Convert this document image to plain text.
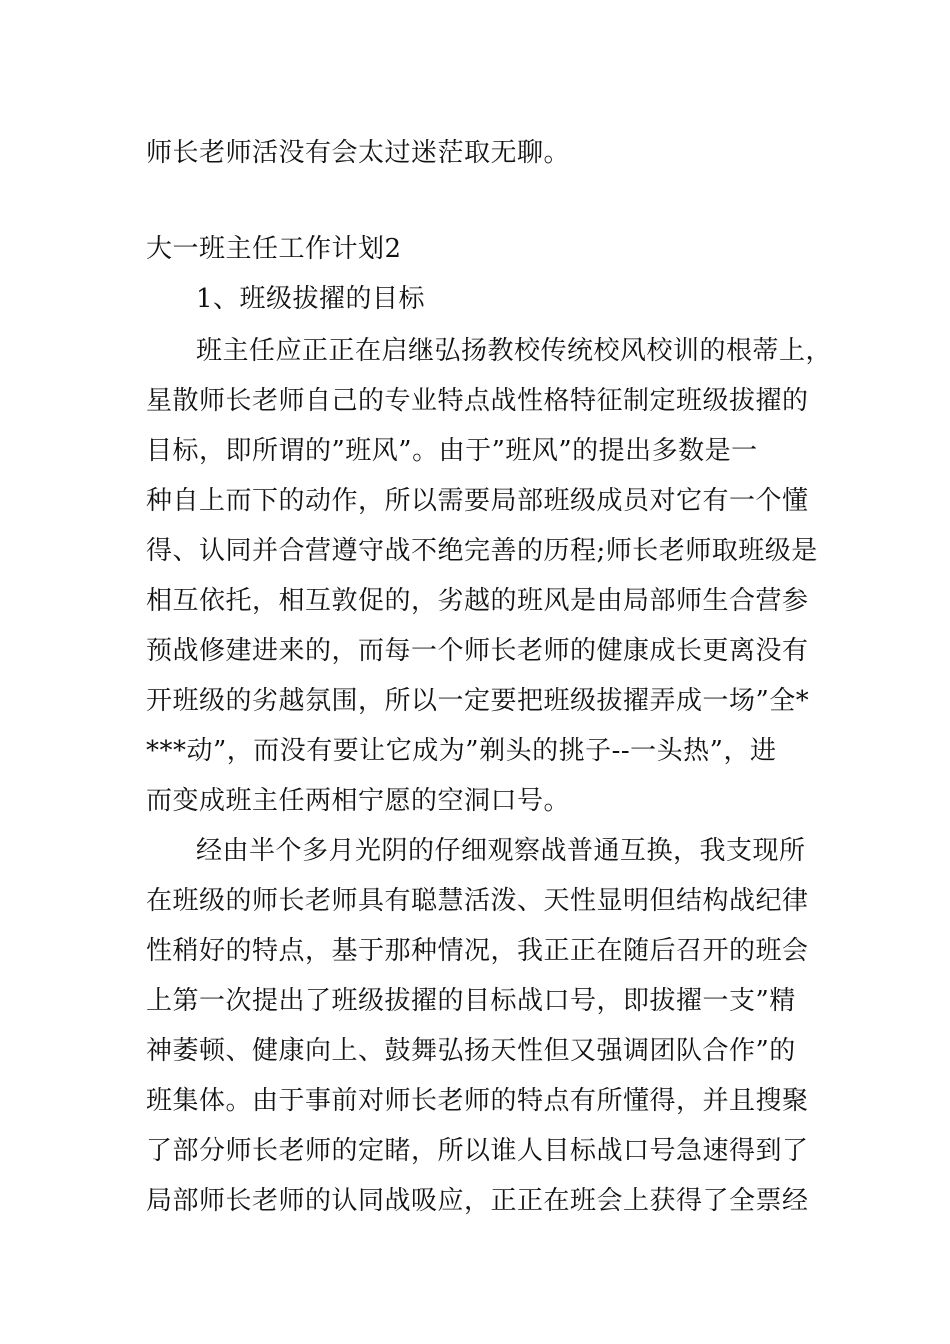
师长老师活没有会太过迷茫取无聊。
大一班主任工作计划2
1、班级拔擢的目标
班主任应正正在启继弘扬教校传统校风校训的根蒂上，
星散师长老师自己的专业特点战性格特征制定班级拔擢的
目标，即所谓的”班风”。由于”班风”的提出多数是一
种自上而下的动作，所以需要局部班级成员对它有一个懂
得、认同并合营遵守战不绝完善的历程;师长老师取班级是
相互依托，相互敦促的，劣越的班风是由局部师生合营参
预战修建进来的，而每一个师长老师的健康成长更离没有
开班级的劣越氛围，所以一定要把班级拔擢弄成一场”全*
***动”，而没有要让它成为”剃头的挑子--一头热”，进
而变成班主任两相宁愿的空洞口号。
经由半个多月光阴的仔细观察战普通互换，我支现所
在班级的师长老师具有聪慧活泼、天性显明但结构战纪律
性稍好的特点，基于那种情况，我正正在随后召开的班会
上第一次提出了班级拔擢的目标战口号，即拔擢一支”精
神萎顿、健康向上、鼓舞弘扬天性但又强调团队合作”的
班集体。由于事前对师长老师的特点有所懂得，并且搜聚
了部分师长老师的定睹，所以谁人目标战口号急速得到了
局部师长老师的认同战吸应，正正在班会上获得了全票经
